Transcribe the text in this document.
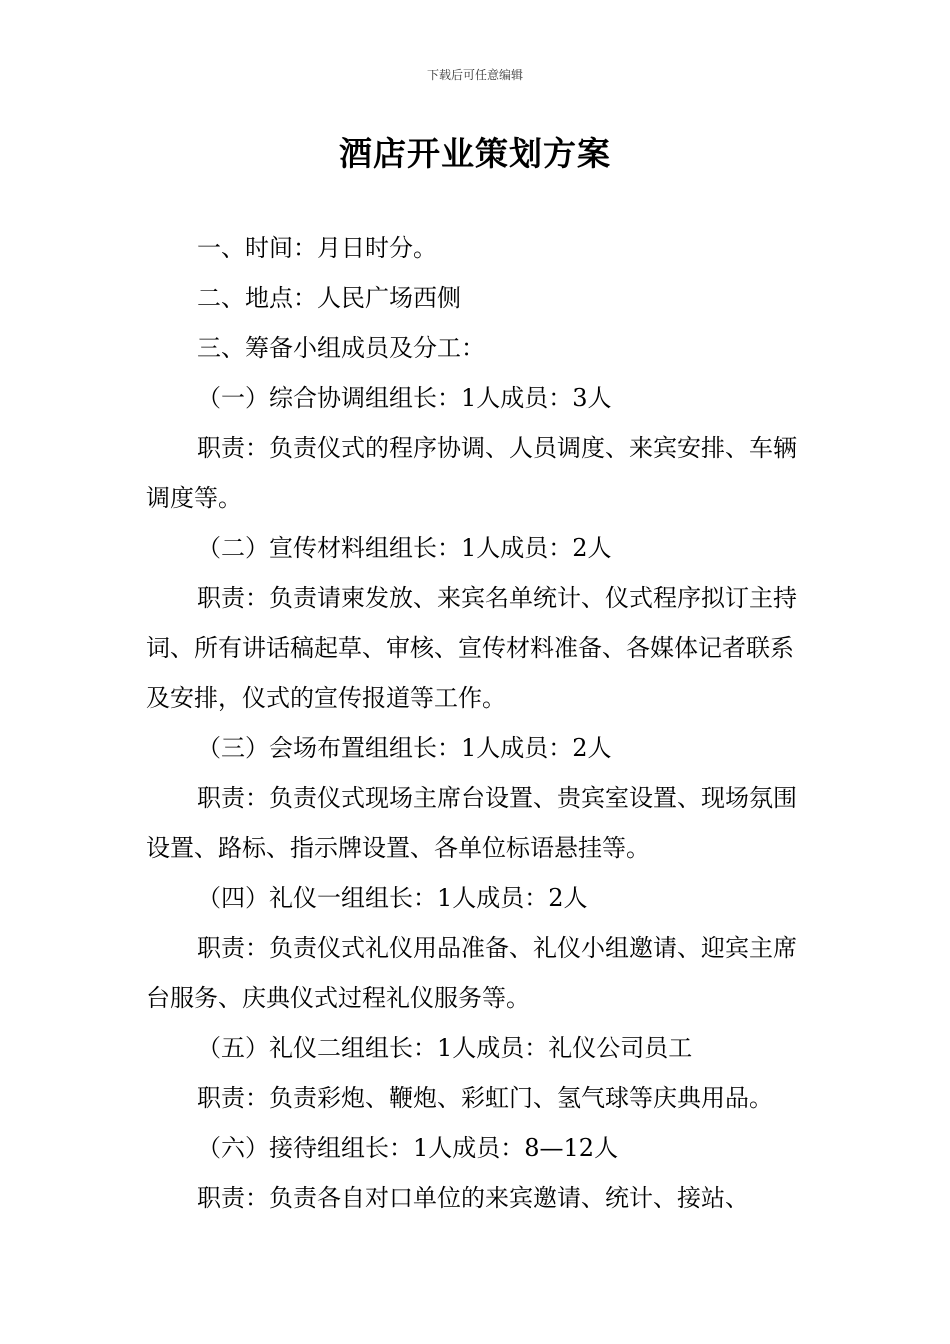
下载后可任意编辑
酒店开业策划方案

一、时间：月日时分。

二、地点：人民广场西侧

三、筹备小组成员及分工：

（一）综合协调组组长：1人成员：3人

职责：负责仪式的程序协调、人员调度、来宾安排、车辆调度等。

（二）宣传材料组组长：1人成员：2人

职责：负责请柬发放、来宾名单统计、仪式程序拟订主持词、所有讲话稿起草、审核、宣传材料准备、各媒体记者联系及安排，仪式的宣传报道等工作。

（三）会场布置组组长：1人成员：2人

职责：负责仪式现场主席台设置、贵宾室设置、现场氛围设置、路标、指示牌设置、各单位标语悬挂等。

（四）礼仪一组组长：1人成员：2人

职责：负责仪式礼仪用品准备、礼仪小组邀请、迎宾主席台服务、庆典仪式过程礼仪服务等。

（五）礼仪二组组长：1人成员：礼仪公司员工

职责：负责彩炮、鞭炮、彩虹门、氢气球等庆典用品。

（六）接待组组长：1人成员：8—12人

职责：负责各自对口单位的来宾邀请、统计、接站、
